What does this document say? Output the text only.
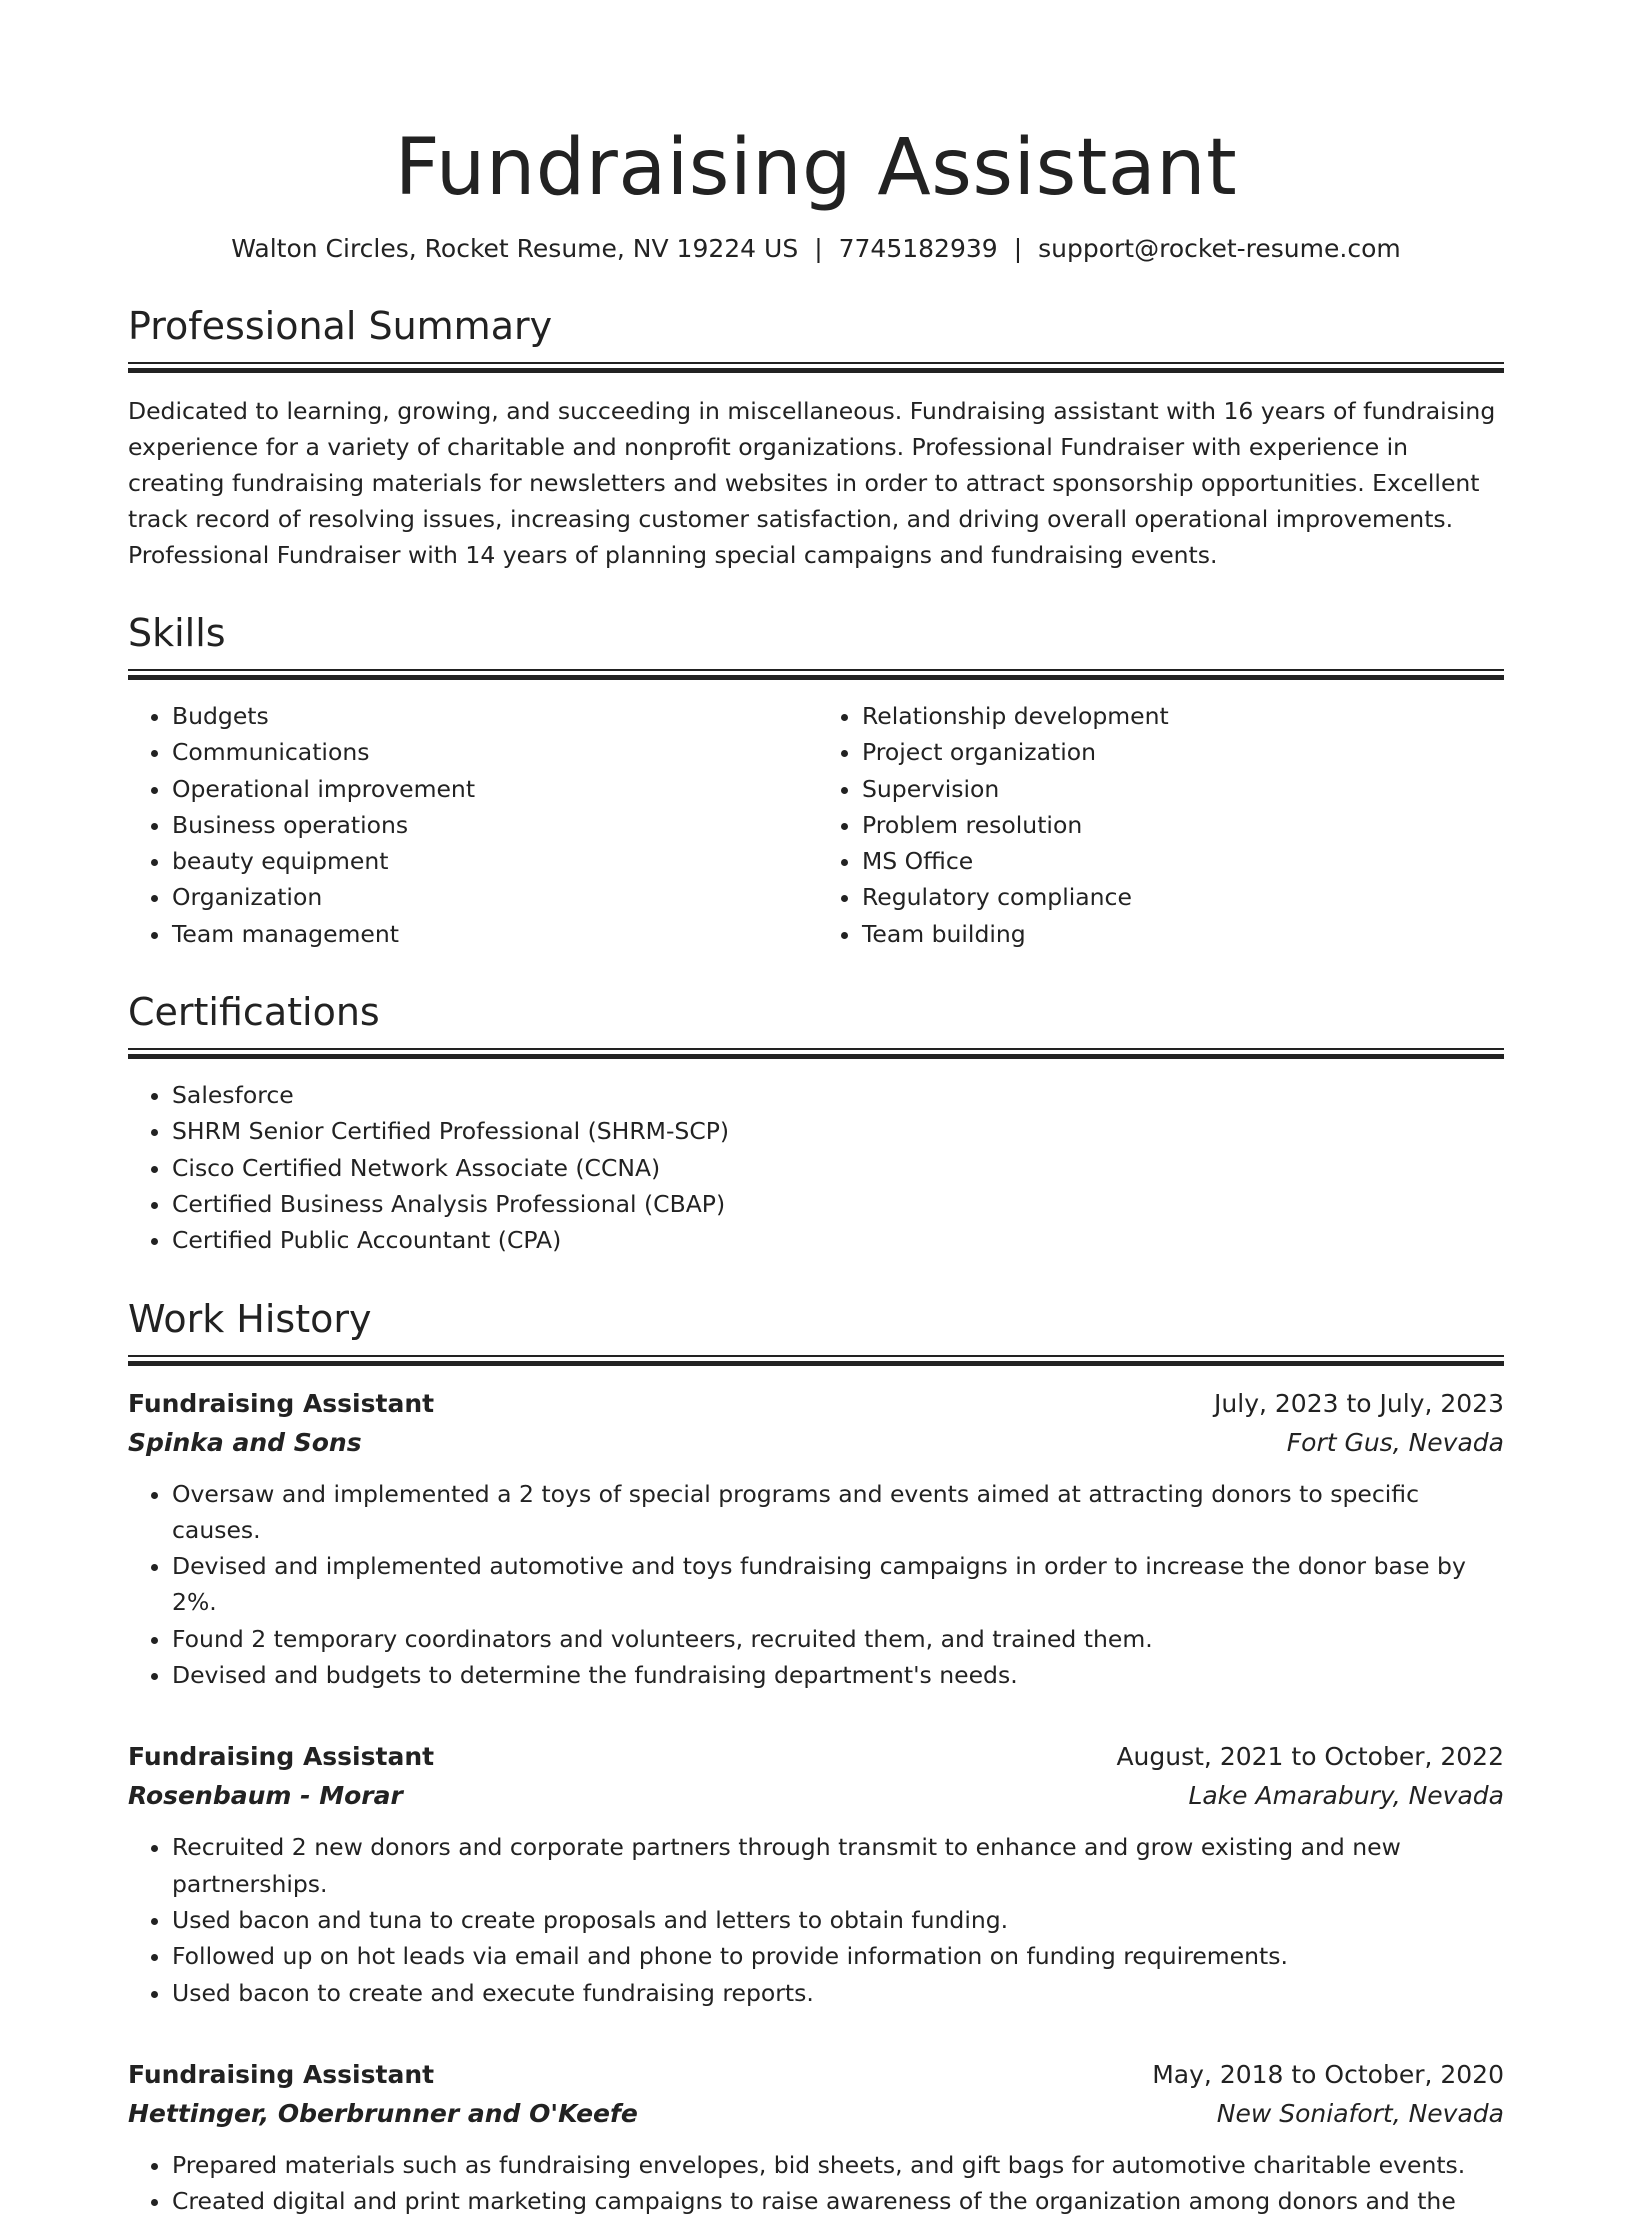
Fundraising Assistant
Walton Circles, Rocket Resume, NV 19224 US | 7745182939 | support@rocket-resume.com
Professional Summary

Dedicated to learning, growing, and succeeding in miscellaneous. Fundraising assistant with 16 years of fundraising experience for a variety of charitable and nonprofit organizations. Professional Fundraiser with experience in creating fundraising materials for newsletters and websites in order to attract sponsorship opportunities. Excellent track record of resolving issues, increasing customer satisfaction, and driving overall operational improvements. Professional Fundraiser with 14 years of planning special campaigns and fundraising events.

Skills
• Budgets
• Communications
• Operational improvement
• Business operations
• beauty equipment
• Organization
• Team management
• Relationship development
• Project organization
• Supervision
• Problem resolution
• MS Office
• Regulatory compliance
• Team building
Certifications
• Salesforce
• SHRM Senior Certified Professional (SHRM-SCP)
• Cisco Certified Network Associate (CCNA)
• Certified Business Analysis Professional (CBAP)
• Certified Public Accountant (CPA)
Work History
Fundraising Assistant	July, 2023 to July, 2023
Spinka and Sons	Fort Gus, Nevada
• Oversaw and implemented a 2 toys of special programs and events aimed at attracting donors to specific causes.
• Devised and implemented automotive and toys fundraising campaigns in order to increase the donor base by 2%.
• Found 2 temporary coordinators and volunteers, recruited them, and trained them.
• Devised and budgets to determine the fundraising department's needs.
Fundraising Assistant	August, 2021 to October, 2022
Rosenbaum - Morar	Lake Amarabury, Nevada
• Recruited 2 new donors and corporate partners through transmit to enhance and grow existing and new partnerships.
• Used bacon and tuna to create proposals and letters to obtain funding.
• Followed up on hot leads via email and phone to provide information on funding requirements.
• Used bacon to create and execute fundraising reports.
Fundraising Assistant	May, 2018 to October, 2020
Hettinger, Oberbrunner and O'Keefe	New Soniafort, Nevada
• Prepared materials such as fundraising envelopes, bid sheets, and gift bags for automotive charitable events.
• Created digital and print marketing campaigns to raise awareness of the organization among donors and the
